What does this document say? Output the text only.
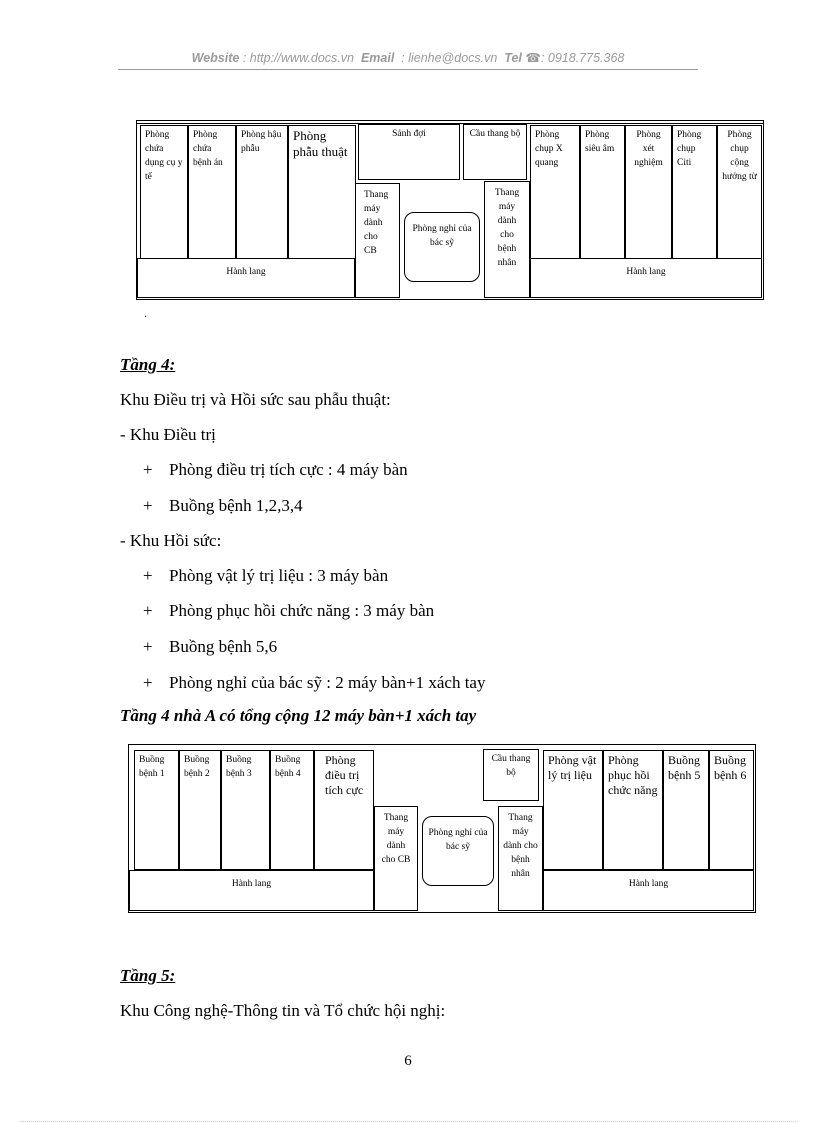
Website : http://www.docs.vn Email : lienhe@docs.vn Tel ☎: 0918.775.368
Phòng chứa dụng cụ y tế
Phòng chứa bệnh án
Phòng hậu phẫu
Phòng phẫu thuật
Sảnh đợi	Cầu thang bộ	Phòng chụp X quang
Phòng siêu âm
Phòng xét nghiệm
Phòng chụp Citi
Phòng chụp cộng hưởng từ
Thang máy dành cho CB
Phòng nghỉ của bác sỹ
Thang máy dành cho bệnh nhân
Hành lang	Hành lang
.
Tầng 4:
Khu Điều trị và Hồi sức sau phẫu thuật:
- Khu Điều trị
+ Phòng điều trị tích cực : 4 máy bàn
+ Buồng bệnh 1,2,3,4
- Khu Hồi sức:
+ Phòng vật lý trị liệu : 3 máy bàn
+ Phòng phục hồi chức năng : 3 máy bàn
+ Buồng bệnh 5,6
+ Phòng nghỉ của bác sỹ : 2 máy bàn+1 xách tay
Tầng 4 nhà A có tổng cộng 12 máy bàn+1 xách tay
Buồng bệnh 1
Buồng bệnh 2
Buồng bệnh 3
Buồng bệnh 4
Phòng điều trị tích cực
Cầu thang bộ
Phòng vật lý trị liệu
Phòng phục hồi chức năng
Buồng bệnh 5
Buồng bệnh 6
Thang máy dành cho CB
Phòng nghỉ của bác sỹ
Thang máy dành cho bệnh nhân
Hành lang	Hành lang
Tầng 5:
Khu Công nghệ-Thông tin và Tổ chức hội nghị:
6
